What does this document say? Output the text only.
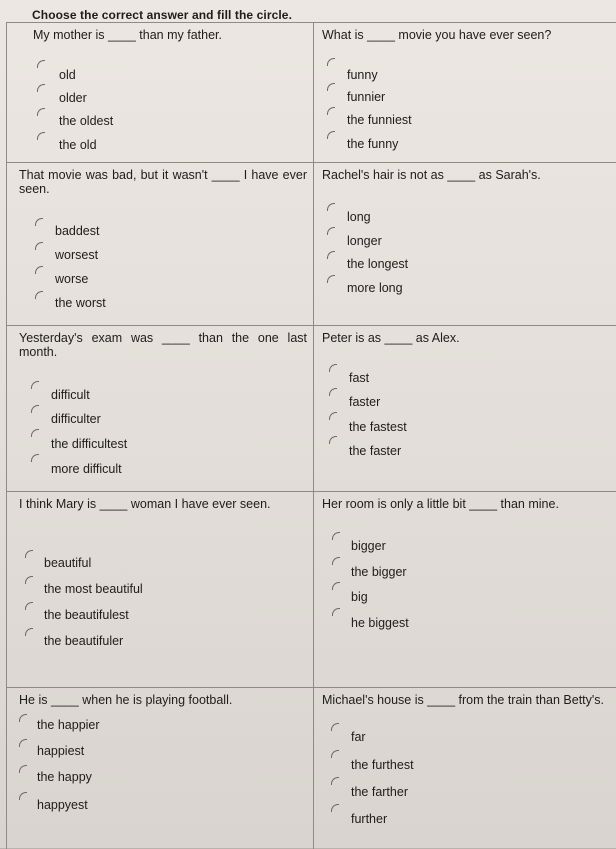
Choose the correct answer and fill the circle.
My mother is ____ than my father.
old
older
the oldest
the old
What is ____ movie you have ever seen?
funny
funnier
the funniest
the funny
That movie was bad, but it wasn't ____ I have ever seen.
baddest
worsest
worse
the worst
Rachel's hair is not as ____ as Sarah's.
long
longer
the longest
more long
Yesterday's exam was ____ than the one last month.
difficult
difficulter
the difficultest
more difficult
Peter is as ____ as Alex.
fast
faster
the fastest
the faster
I think Mary is ____ woman I have ever seen.
beautiful
the most beautiful
the beautifulest
the beautifuler
Her room is only a little bit ____ than mine.
bigger
the bigger
big
he biggest
He is ____ when he is playing football.
the happier
happiest
the happy
happyest
Michael's house is ____ from the train than Betty's.
far
the furthest
the farther
further
